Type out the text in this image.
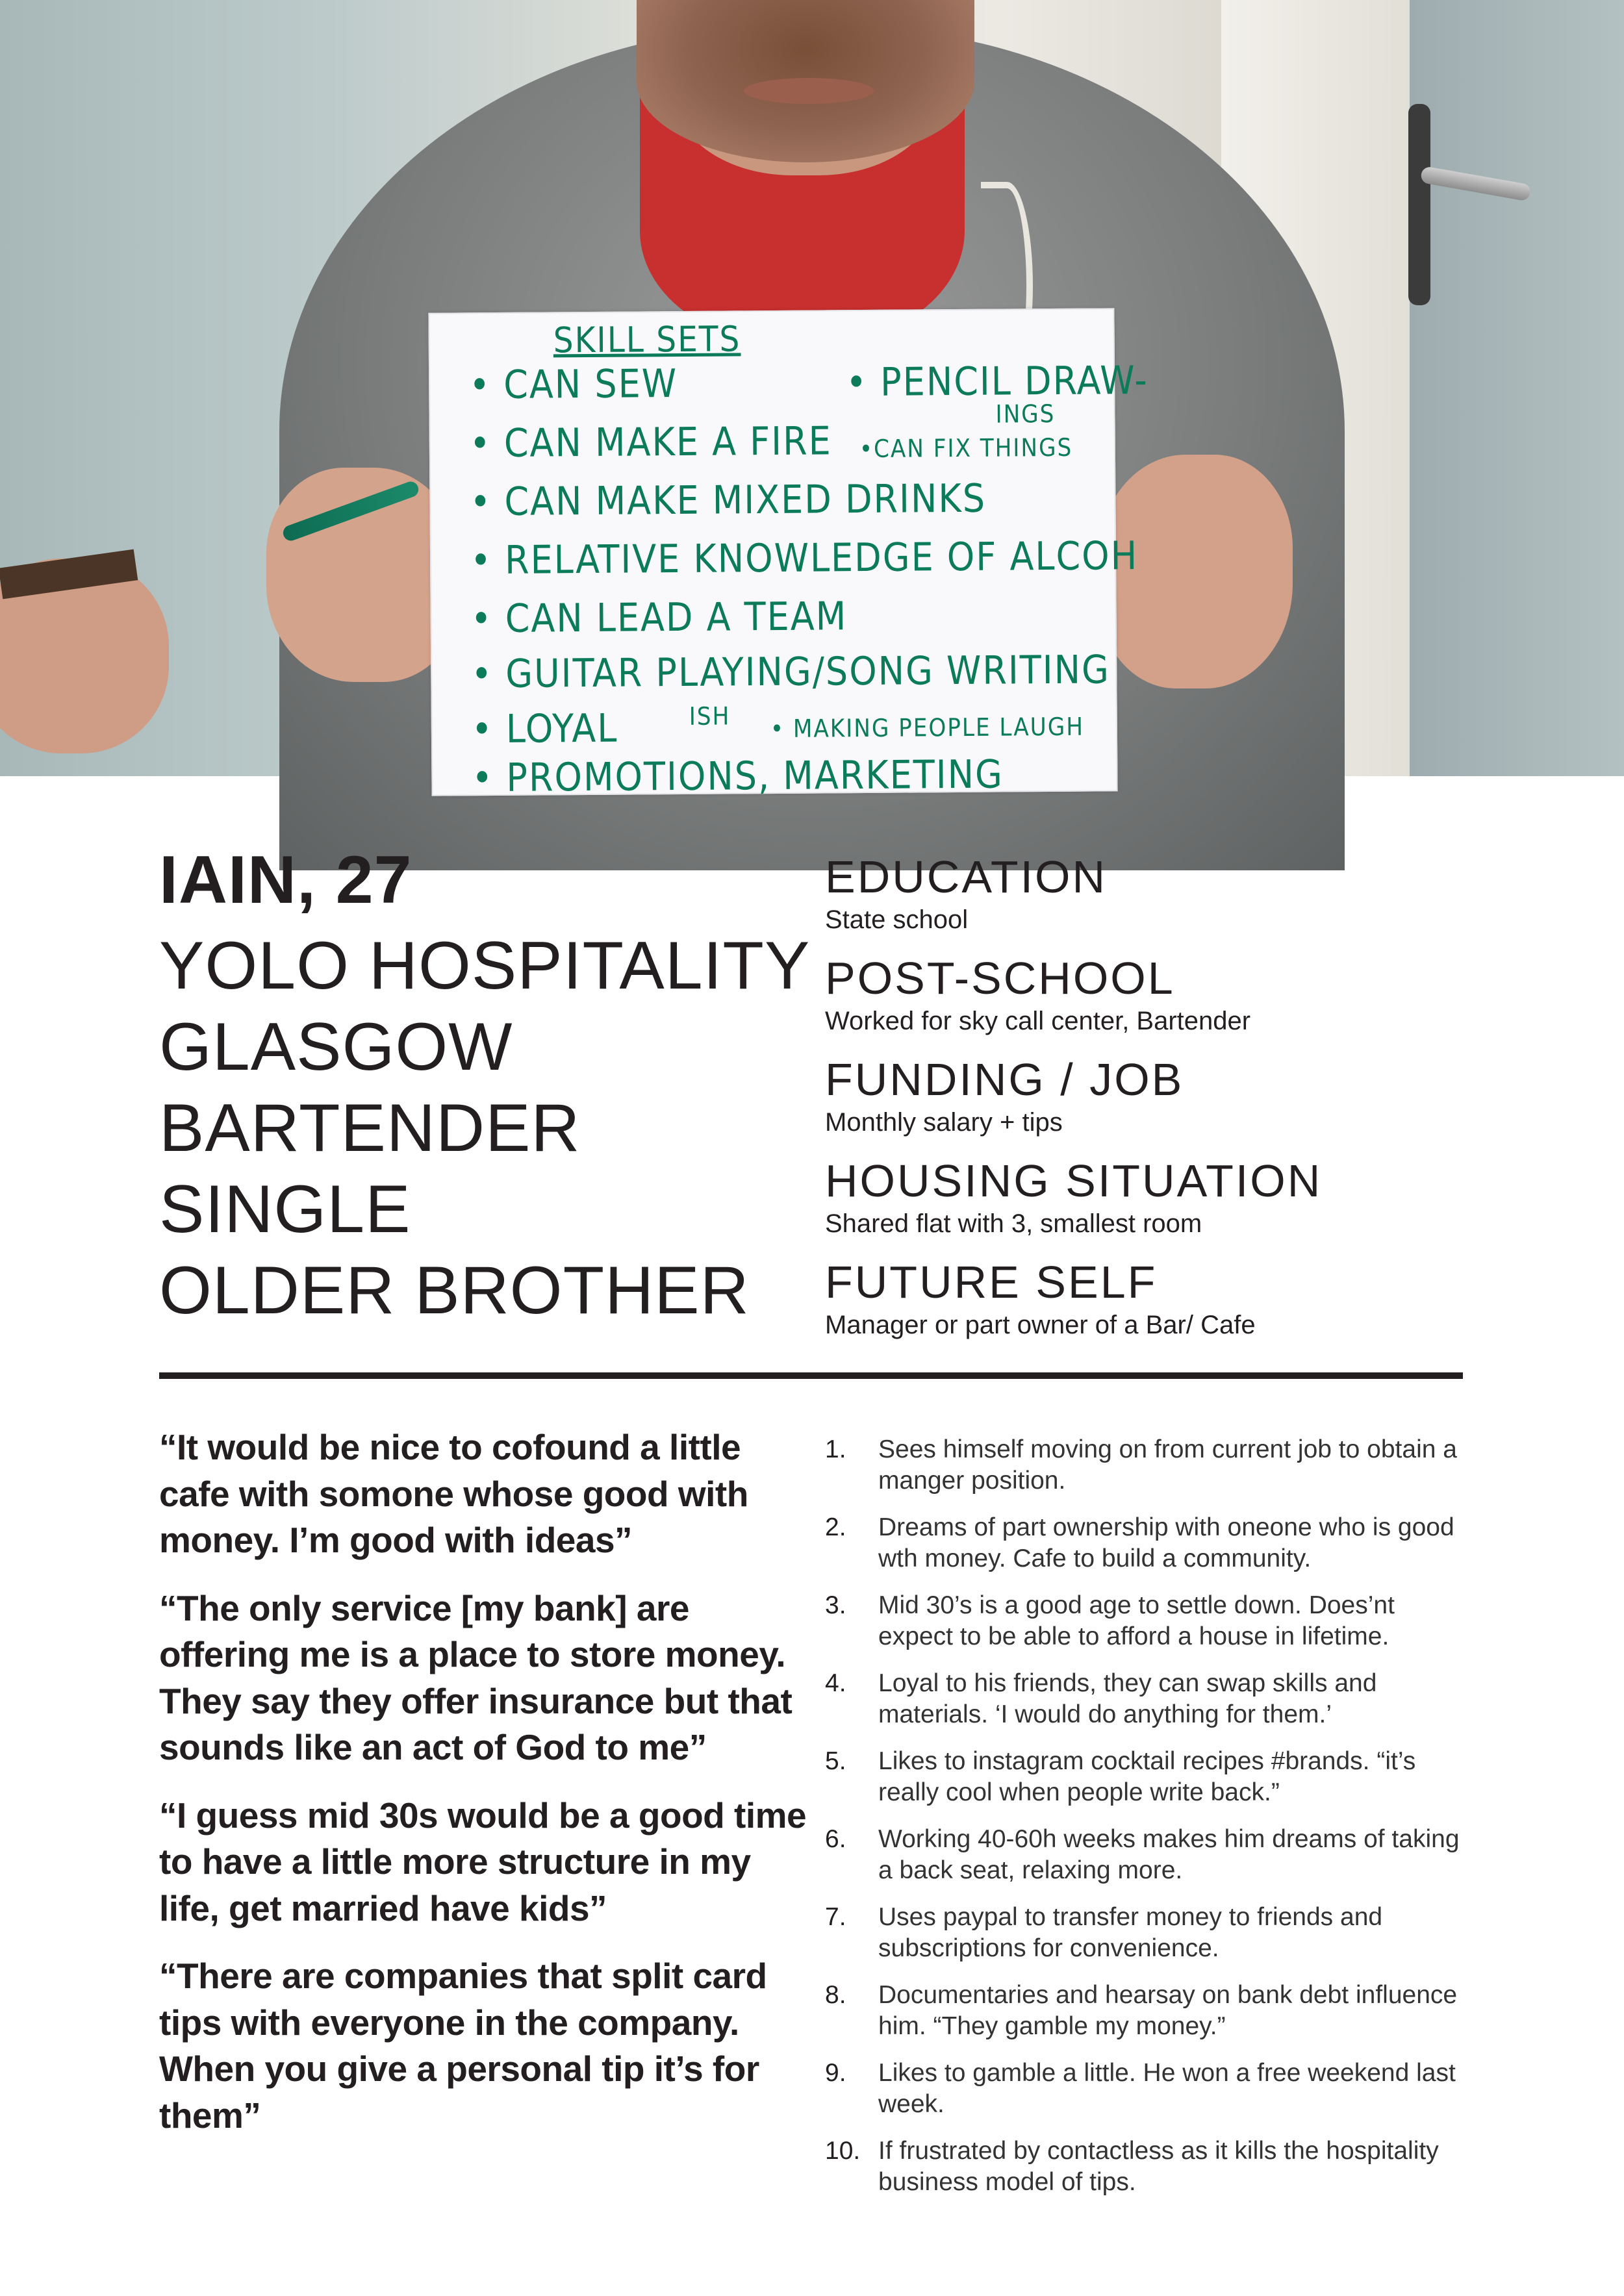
SKILL SETS

• CAN SEW

• CAN MAKE A FIRE

• CAN MAKE MIXED DRINKS

• RELATIVE KNOWLEDGE OF ALCOH

• CAN LEAD A TEAM

• GUITAR PLAYING/SONG WRITING

• LOYAL	ISH

• PROMOTIONS, MARKETING

• PENCIL DRAW-

INGS

•CAN FIX THINGS

• MAKING PEOPLE LAUGH

IAIN, 27
YOLO HOSPITALITY
GLASGOW
BARTENDER
SINGLE
OLDER BROTHER
EDUCATION
State school
POST-SCHOOL
Worked for sky call center, Bartender
FUNDING / JOB
Monthly salary + tips
HOUSING SITUATION
Shared flat with 3, smallest room
FUTURE SELF
Manager or part owner of a Bar/ Cafe

“It would be nice to cofound a little cafe with somone whose good with money. I’m good with ideas”

“The only service [my bank] are offering me is a place to store money. They say they offer insurance but that sounds like an act of God to me”

“I guess mid 30s would be a good time to have a little more structure in my life, get married have kids”

“There are companies that split card tips with everyone in the company. When you give a personal tip it’s for them”

1. Sees himself moving on from current job to obtain a manger position.
2. Dreams of part ownership with oneone who is good wth money. Cafe to build a community.
3. Mid 30’s is a good age to settle down. Does’nt expect to be able to afford a house in lifetime.
4. Loyal to his friends, they can swap skills and materials. ‘I would do anything for them.’
5. Likes to instagram cocktail recipes #brands. “it’s really cool when people write back.”
6. Working 40-60h weeks makes him dreams of taking a back seat, relaxing more.
7. Uses paypal to transfer money to friends and subscriptions for convenience.
8. Documentaries and hearsay on bank debt influence him. “They gamble my money.”
9. Likes to gamble a little. He won a free weekend last week.
10. If frustrated by contactless as it kills the hospitality business model of tips.
